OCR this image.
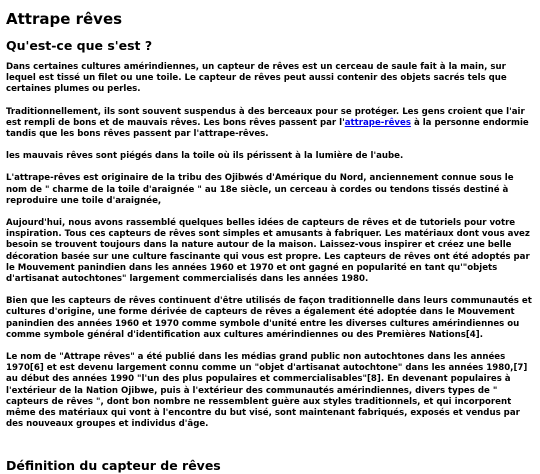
Attrape rêves
Qu'est-ce que s'est ?

Dans certaines cultures amérindiennes, un capteur de rêves est un cerceau de saule fait à la main, sur lequel est tissé un filet ou une toile. Le capteur de rêves peut aussi contenir des objets sacrés tels que certaines plumes ou perles.

Traditionnellement, ils sont souvent suspendus à des berceaux pour se protéger. Les gens croient que l'air est rempli de bons et de mauvais rêves. Les bons rêves passent par l'attrape-rêves à la personne endormie tandis que les bons rêves passent par l'attrape-rêves.

les mauvais rêves sont piégés dans la toile où ils périssent à la lumière de l'aube.

L'attrape-rêves est originaire de la tribu des Ojibwés d'Amérique du Nord, anciennement connue sous le nom de " charme de la toile d'araignée " au 18e siècle, un cerceau à cordes ou tendons tissés destiné à reproduire une toile d'araignée,

Aujourd'hui, nous avons rassemblé quelques belles idées de capteurs de rêves et de tutoriels pour votre inspiration. Tous ces capteurs de rêves sont simples et amusants à fabriquer. Les matériaux dont vous avez besoin se trouvent toujours dans la nature autour de la maison. Laissez-vous inspirer et créez une belle décoration basée sur une culture fascinante qui vous est propre. Les capteurs de rêves ont été adoptés par le Mouvement panindien dans les années 1960 et 1970 et ont gagné en popularité en tant qu'"objets d'artisanat autochtones" largement commercialisés dans les années 1980.

Bien que les capteurs de rêves continuent d'être utilisés de façon traditionnelle dans leurs communautés et cultures d'origine, une forme dérivée de capteurs de rêves a également été adoptée dans le Mouvement panindien des années 1960 et 1970 comme symbole d'unité entre les diverses cultures amérindiennes ou comme symbole général d'identification aux cultures amérindiennes ou des Premières Nations[4].

Le nom de "Attrape rêves" a été publié dans les médias grand public non autochtones dans les années 1970[6] et est devenu largement connu comme un "objet d'artisanat autochtone" dans les années 1980,[7] au début des années 1990 "l'un des plus populaires et commercialisables"[8]. En devenant populaires à l'extérieur de la Nation Ojibwe, puis à l'extérieur des communautés amérindiennes, divers types de " capteurs de rêves ", dont bon nombre ne ressemblent guère aux styles traditionnels, et qui incorporent même des matériaux qui vont à l'encontre du but visé, sont maintenant fabriqués, exposés et vendus par des nouveaux groupes et individus d'âge.

Définition du capteur de rêves
